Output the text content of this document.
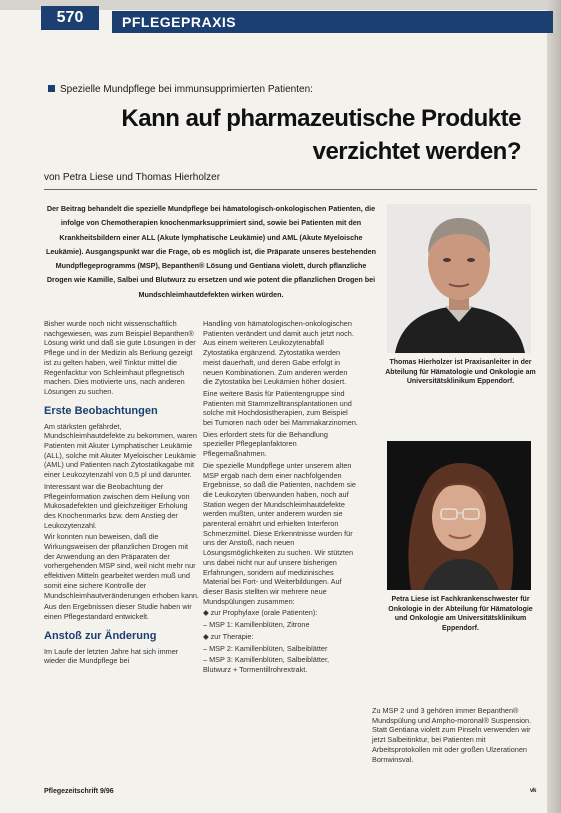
570	PFLEGEPRAXIS
Spezielle Mundpflege bei immunsupprimierten Patienten:
Kann auf pharmazeutische Produkte verzichtet werden?
von Petra Liese und Thomas Hierholzer
Der Beitrag behandelt die spezielle Mundpflege bei hämatologisch-onkologischen Patienten, die infolge von Chemotherapien knochenmarksupprimiert sind, sowie bei Patienten mit den Krankheitsbildern einer ALL (Akute lymphatische Leukämie) und AML (Akute Myeloische Leukämie). Ausgangspunkt war die Frage, ob es möglich ist, die Präparate unseres bestehenden Mundpflegeprogramms (MSP), Bepanthen® Lösung und Gentiana violett, durch pflanzliche Drogen wie Kamille, Salbei und Blutwurz zu ersetzen und wie potent die pflanzlichen Drogen bei Mundschleimhautdefekten wirken würden.
Thomas Hierholzer ist Praxisanleiter in der Abteilung für Hämatologie und Onkologie am Universitätsklinikum Eppendorf.
Petra Liese ist Fachkrankenschwester für Onkologie in der Abteilung für Hämatologie und Onkologie am Universitätsklinikum Eppendorf.

Bisher wurde noch nicht wissenschaftlich nachgewiesen, was zum Beispiel Bepanthen® Lösung wirkt und daß sie gute Lösungen in der Pflege und in der Medizin als Berkung gezeigt ist zu gelten haben, weil Tinktur mittel die Regenfacktur von Schleimhaut pflegnetisch machen. Dies motivierte uns, nach anderen Lösungen zu suchen.

Erste Beobachtungen

Am stärksten gefährdet, Mundschleimhautdefekte zu bekommen, waren Patienten mit Akuter Lymphatischer Leukämie (ALL), solche mit Akuter Myeloischer Leukämie (AML) und Patienten nach Zytostatikagabe mit einer Leukozytenzahl von 0,5 pl und darunter.

Interessant war die Beobachtung der Pflegeinformation zwischen dem Heilung von Mukosadefekten und gleichzeitiger Erholung des Knochenmarks bzw. dem Anstieg der Leukozytenzahl.

Wir konnten nun beweisen, daß die Wirkungsweisen der pflanzlichen Drogen mit der Anwendung an den Präparaten der vorhergehenden MSP sind, weil nicht mehr nur effektiven Mitteln gearbeitet werden muß und somit eine sichere Kontrolle der Mundschleimhautveränderungen erhoben kann.

Aus den Ergebnissen dieser Studie haben wir einen Pflegestandard entwickelt.

Anstoß zur Änderung

Im Laufe der letzten Jahre hat sich immer wieder die Mundpflege bei

Handling von hämatologischen-onkologischen Patienten verändert und damit auch jetzt noch. Aus einem weiteren Leukozytenabfall Zytostatika ergänzend. Zytostatika werden meist dauerhaft, und deren Gabe erfolgt in neuen Kombinationen. Zum anderen werden die Zytostatika bei Leukämien höher dosiert.

Eine weitere Basis für Patientengruppe sind Patienten mit Stammzelltransplantationen und solche mit Hochdosistherapien, zum Beispiel bei Tumoren nach oder bei Mammakarzinomen.

Dies erfordert stets für die Behandlung spezieller Pflegeplanfaktoren Pflegemaßnahmen.

Die spezielle Mundpflege unter unserem alten MSP ergab nach dem einer nachfolgenden Ergebnisse, so daß die Patienten, nachdem sie die Leukozyten überwunden haben, noch auf Station wegen der Mundschleimhautdefekte werden mußten, unter anderem wurden sie parenteral ernährt und erhielten Interferon Schmerzmittel. Diese Erkenntnisse wurden für uns der Anstoß, nach neuen Lösungsmöglichkeiten zu suchen. Wir stützten uns dabei nicht nur auf unsere bisherigen Erfahrungen, sondern auf medizinisches Material bei Fort- und Weiterbildungen. Auf dieser Basis stellten wir mehrere neue Mundspülungen zusammen:

◆ zur Prophylaxe (orale Patienten):

– MSP 1: Kamillenblüten, Zitrone

◆ zur Therapie:

– MSP 2: Kamillenblüten, Salbeiblätter

– MSP 3: Kamillenblüten, Salbeiblätter, Blutwurz + Tormentillrohrextrakt.

Zu MSP 2 und 3 gehören immer Bepanthen® Mundspülung und Ampho-moronal® Suspension. Statt Gentiana violett zum Pinseln verwenden wir jetzt Salbeitinktur, bei Patienten mit Arbeitsprotokollen mit oder großen Ulzerationen Bornwinsval.

Pflegezeitschrift 9/96	ᵛᵏ
